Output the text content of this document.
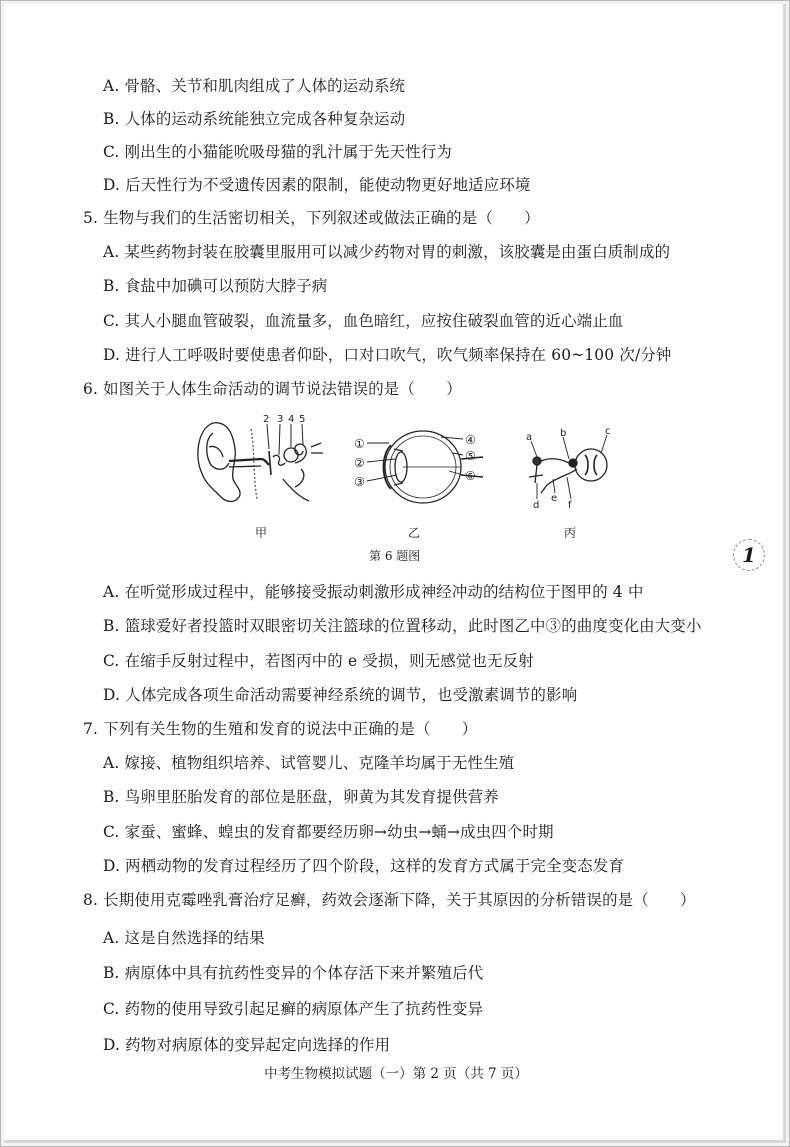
A. 骨骼、关节和肌肉组成了人体的运动系统

B. 人体的运动系统能独立完成各种复杂运动

C. 刚出生的小猫能吮吸母猫的乳汁属于先天性行为

D. 后天性行为不受遗传因素的限制，能使动物更好地适应环境

5. 生物与我们的生活密切相关，下列叙述或做法正确的是（　　）

A. 某些药物封装在胶囊里服用可以减少药物对胃的刺激，该胶囊是由蛋白质制成的

B. 食盐中加碘可以预防大脖子病

C. 其人小腿血管破裂，血流量多，血色暗红，应按住破裂血管的近心端止血

D. 进行人工呼吸时要使患者仰卧，口对口吹气，吹气频率保持在 60~100 次/分钟

6. 如图关于人体生命活动的调节说法错误的是（　　）

2 3 4 5
①
②
③
④
⑤
⑥
a	b	c
d
e
f
甲	乙	丙
第 6 题图

A. 在听觉形成过程中，能够接受振动刺激形成神经冲动的结构位于图甲的 4 中

B. 篮球爱好者投篮时双眼密切关注篮球的位置移动，此时图乙中③的曲度变化由大变小

C. 在缩手反射过程中，若图丙中的 e 受损，则无感觉也无反射

D. 人体完成各项生命活动需要神经系统的调节，也受激素调节的影响

7. 下列有关生物的生殖和发育的说法中正确的是（　　）

A. 嫁接、植物组织培养、试管婴儿、克隆羊均属于无性生殖

B. 鸟卵里胚胎发育的部位是胚盘，卵黄为其发育提供营养

C. 家蚕、蜜蜂、蝗虫的发育都要经历卵→幼虫→蛹→成虫四个时期

D. 两栖动物的发育过程经历了四个阶段，这样的发育方式属于完全变态发育

8. 长期使用克霉唑乳膏治疗足癣，药效会逐渐下降，关于其原因的分析错误的是（　　）

A. 这是自然选择的结果

B. 病原体中具有抗药性变异的个体存活下来并繁殖后代

C. 药物的使用导致引起足癣的病原体产生了抗药性变异

D. 药物对病原体的变异起定向选择的作用

1
中考生物模拟试题（一）第 2 页（共 7 页）
